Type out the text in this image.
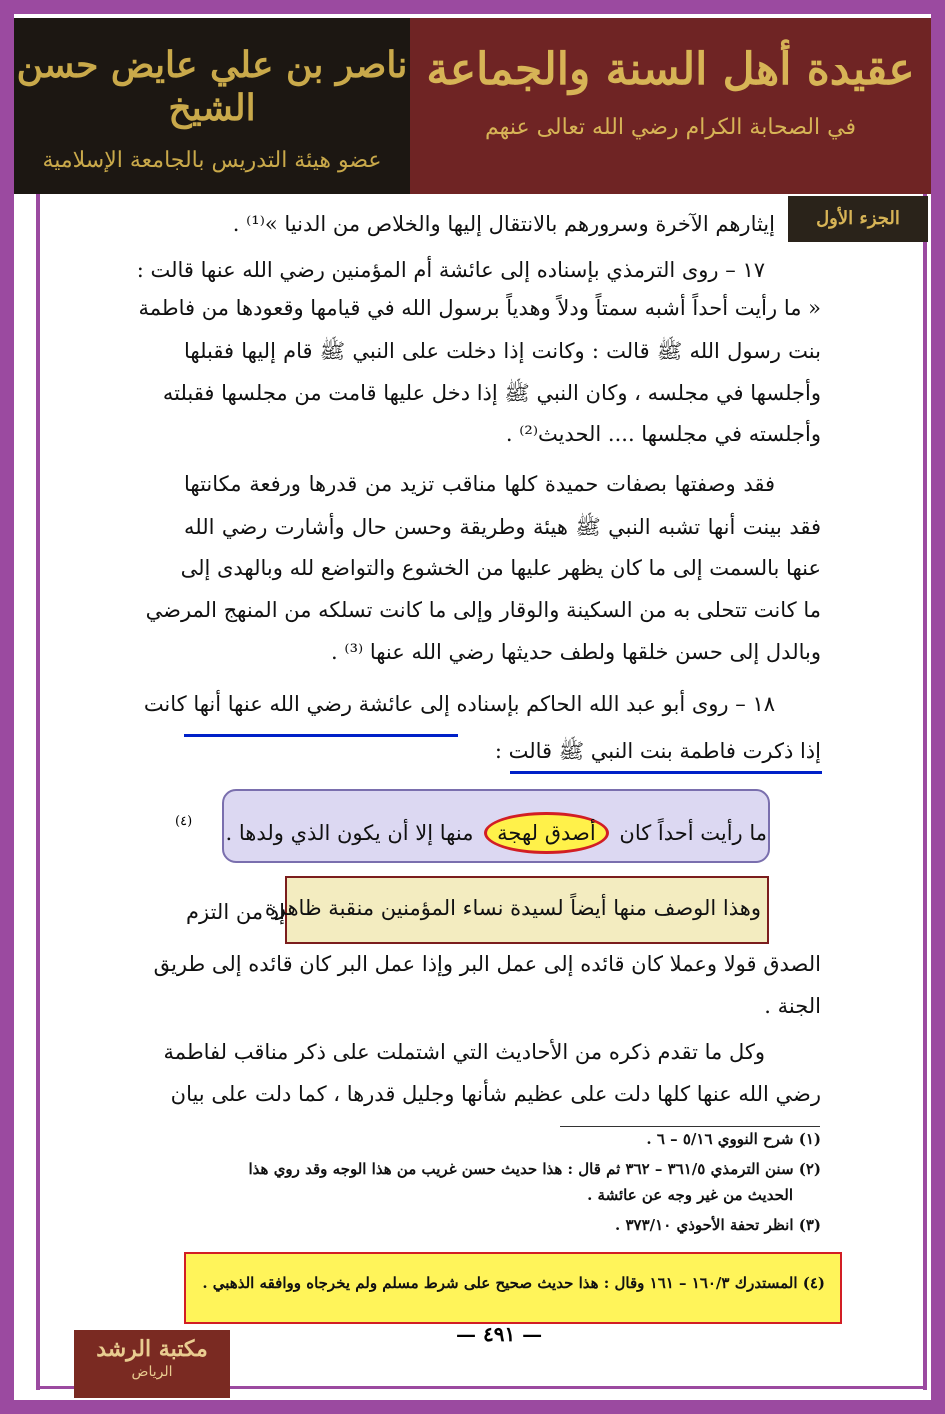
ناصر بن علي عايض حسن الشيخ
عضو هيئة التدريس بالجامعة الإسلامية
عقيدة أهل السنة والجماعة
في الصحابة الكرام رضي الله تعالى عنهم
الجزء الأول
إيثارهم الآخرة وسرورهم بالانتقال إليها والخلاص من الدنيا »⁽¹⁾ .
١٧ – روى الترمذي بإسناده إلى عائشة أم المؤمنين رضي الله عنها قالت :
« ما رأيت أحداً أشبه سمتاً ودلاً وهدياً برسول الله في قيامها وقعودها من فاطمة
بنت رسول الله ﷺ قالت : وكانت إذا دخلت على النبي ﷺ قام إليها فقبلها
وأجلسها في مجلسه ، وكان النبي ﷺ إذا دخل عليها قامت من مجلسها فقبلته
وأجلسته في مجلسها .... الحديث⁽²⁾ .
فقد وصفتها بصفات حميدة كلها مناقب تزيد من قدرها ورفعة مكانتها
فقد بينت أنها تشبه النبي ﷺ هيئة وطريقة وحسن حال وأشارت رضي الله
عنها بالسمت إلى ما كان يظهر عليها من الخشوع والتواضع لله وبالهدى إلى
ما كانت تتحلى به من السكينة والوقار وإلى ما كانت تسلكه من المنهج المرضي
وبالدل إلى حسن خلقها ولطف حديثها رضي الله عنها ⁽³⁾ .
١٨ – روى أبو عبد الله الحاكم بإسناده إلى عائشة رضي الله عنها أنها كانت
إذا ذكرت فاطمة بنت النبي ﷺ قالت :
ما رأيت أحداً كان أصدق لهجة منها إلا أن يكون الذي ولدها .
(٤)
وهذا الوصف منها أيضاً لسيدة نساء المؤمنين منقبة ظاهرة
إذ من التزم
الصدق قولا وعملا كان قائده إلى عمل البر وإذا عمل البر كان قائده إلى طريق
الجنة .
وكل ما تقدم ذكره من الأحاديث التي اشتملت على ذكر مناقب لفاطمة
رضي الله عنها كلها دلت على عظيم شأنها وجليل قدرها ، كما دلت على بيان
(١) شرح النووي ٥/١٦ – ٦ .
(٢) سنن الترمذي ٣٦١/٥ – ٣٦٢ ثم قال : هذا حديث حسن غريب من هذا الوجه وقد روي هذا
الحديث من غير وجه عن عائشة .
(٣) انظر تحفة الأحوذي ٣٧٣/١٠ .
(٤) المستدرك ١٦٠/٣ – ١٦١ وقال : هذا حديث صحيح على شرط مسلم ولم يخرجاه ووافقه الذهبي .
— ٤٩١ —
مكتبة الرشد
الرياض
